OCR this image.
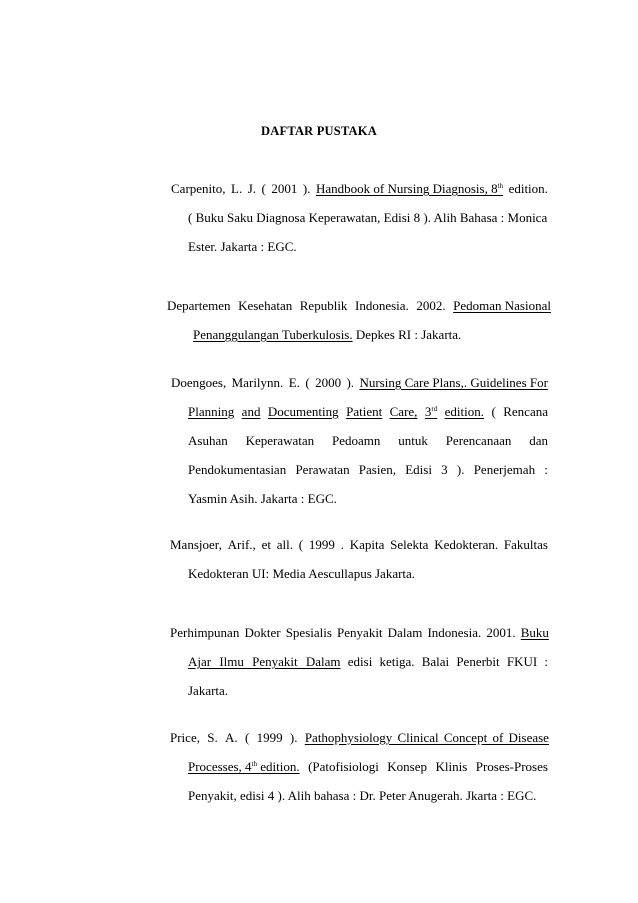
DAFTAR PUSTAKA
Carpenito, L. J. ( 2001 ). Handbook of Nursing Diagnosis, 8th edition.
( Buku Saku Diagnosa Keperawatan, Edisi 8 ). Alih Bahasa : Monica
Ester. Jakarta : EGC.
Departemen Kesehatan Republik Indonesia. 2002. Pedoman Nasional
Penanggulangan Tuberkulosis. Depkes RI : Jakarta.
Doengoes, Marilynn. E. ( 2000 ). Nursing Care Plans,. Guidelines For
Planning and Documenting Patient Care, 3rd edition. ( Rencana
Asuhan Keperawatan Pedoamn untuk Perencanaan dan
Pendokumentasian Perawatan Pasien, Edisi 3 ). Penerjemah :
Yasmin Asih. Jakarta : EGC.
Mansjoer, Arif., et all. ( 1999 . Kapita Selekta Kedokteran. Fakultas
Kedokteran UI: Media Aescullapus Jakarta.
Perhimpunan Dokter Spesialis Penyakit Dalam Indonesia. 2001. Buku
Ajar Ilmu Penyakit Dalam edisi ketiga. Balai Penerbit FKUI :
Jakarta.
Price, S. A. ( 1999 ). Pathophysiology Clinical Concept of Disease
Processes, 4th edition. (Patofisiologi Konsep Klinis Proses-Proses
Penyakit, edisi 4 ). Alih bahasa : Dr. Peter Anugerah. Jkarta : EGC.
